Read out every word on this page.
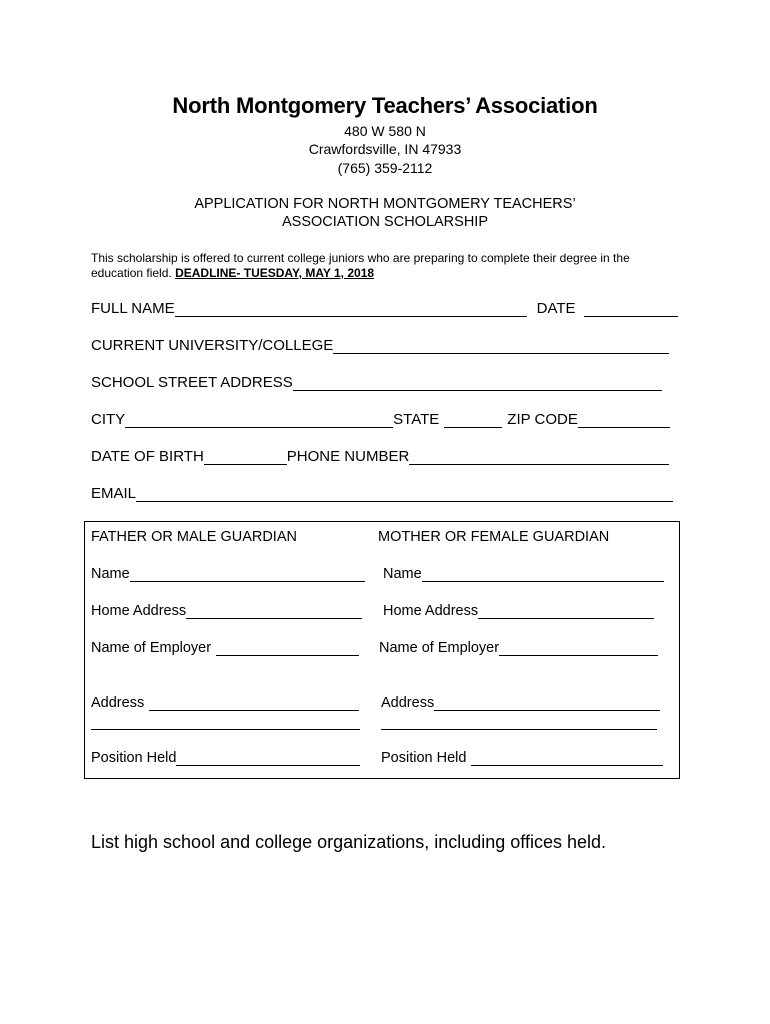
North Montgomery Teachers’ Association
480 W 580 N
Crawfordsville, IN 47933
(765) 359-2112
APPLICATION FOR NORTH MONTGOMERY TEACHERS’
ASSOCIATION SCHOLARSHIP
This scholarship is offered to current college juniors who are preparing to complete their degree in the education field. DEADLINE- TUESDAY, MAY 1, 2018
FULL NAME	DATE
CURRENT UNIVERSITY/COLLEGE
SCHOOL STREET ADDRESS
CITY	STATE	ZIP CODE
DATE OF BIRTH	PHONE NUMBER
EMAIL
FATHER OR MALE GUARDIAN	MOTHER OR FEMALE GUARDIAN
Name	Name
Home Address	Home Address
Name of Employer	Name of Employer
Address	Address
Position Held	Position Held
List high school and college organizations, including offices held.
